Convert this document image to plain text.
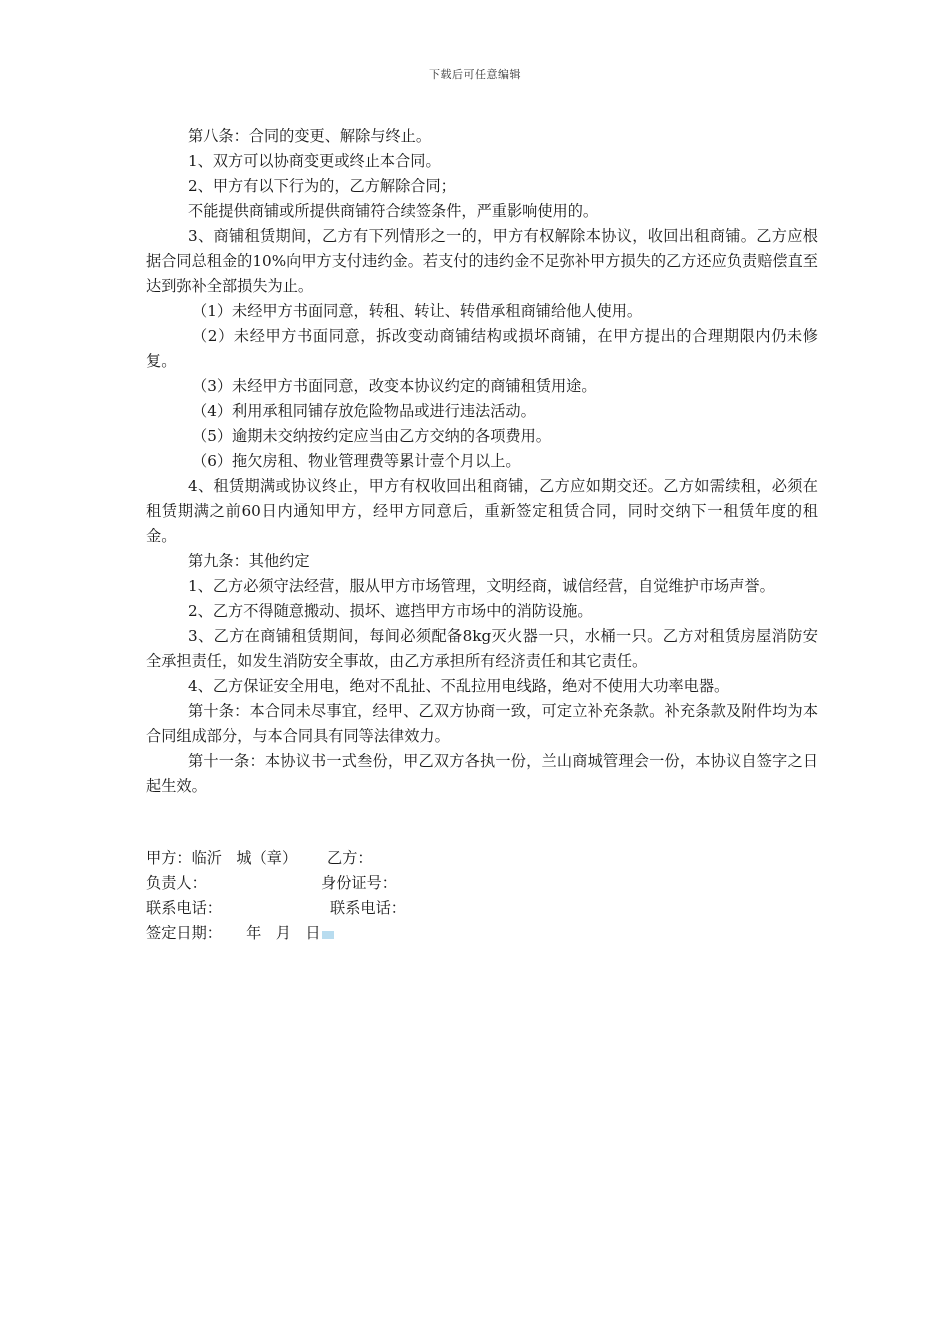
下载后可任意编辑

第八条：合同的变更、解除与终止。

1、双方可以协商变更或终止本合同。

2、甲方有以下行为的，乙方解除合同；

不能提供商铺或所提供商铺符合续签条件，严重影响使用的。

3、商铺租赁期间，乙方有下列情形之一的，甲方有权解除本协议，收回出租商铺。乙方应根据合同总租金的10%向甲方支付违约金。若支付的违约金不足弥补甲方损失的乙方还应负责赔偿直至达到弥补全部损失为止。

（1）未经甲方书面同意，转租、转让、转借承租商铺给他人使用。

（2）未经甲方书面同意，拆改变动商铺结构或损坏商铺，在甲方提出的合理期限内仍未修复。

（3）未经甲方书面同意，改变本协议约定的商铺租赁用途。

（4）利用承租同铺存放危险物品或进行违法活动。

（5）逾期未交纳按约定应当由乙方交纳的各项费用。

（6）拖欠房租、物业管理费等累计壹个月以上。

4、租赁期满或协议终止，甲方有权收回出租商铺，乙方应如期交还。乙方如需续租，必须在租赁期满之前60日内通知甲方，经甲方同意后，重新签定租赁合同，同时交纳下一租赁年度的租金。

第九条：其他约定

1、乙方必须守法经营，服从甲方市场管理，文明经商，诚信经营，自觉维护市场声誉。

2、乙方不得随意搬动、损坏、遮挡甲方市场中的消防设施。

3、乙方在商铺租赁期间，每间必须配备8kg灭火器一只，水桶一只。乙方对租赁房屋消防安全承担责任，如发生消防安全事故，由乙方承担所有经济责任和其它责任。

4、乙方保证安全用电，绝对不乱扯、不乱拉用电线路，绝对不使用大功率电器。

第十条：本合同未尽事宜，经甲、乙双方协商一致，可定立补充条款。补充条款及附件均为本合同组成部分，与本合同具有同等法律效力。

第十一条：本协议书一式叁份，甲乙双方各执一份，兰山商城管理会一份，本协议自签字之日起生效。

甲方：临沂   城（章） 乙方：
负责人：	身份证号：
联系电话：	联系电话：
签定日期：     年   月   日
